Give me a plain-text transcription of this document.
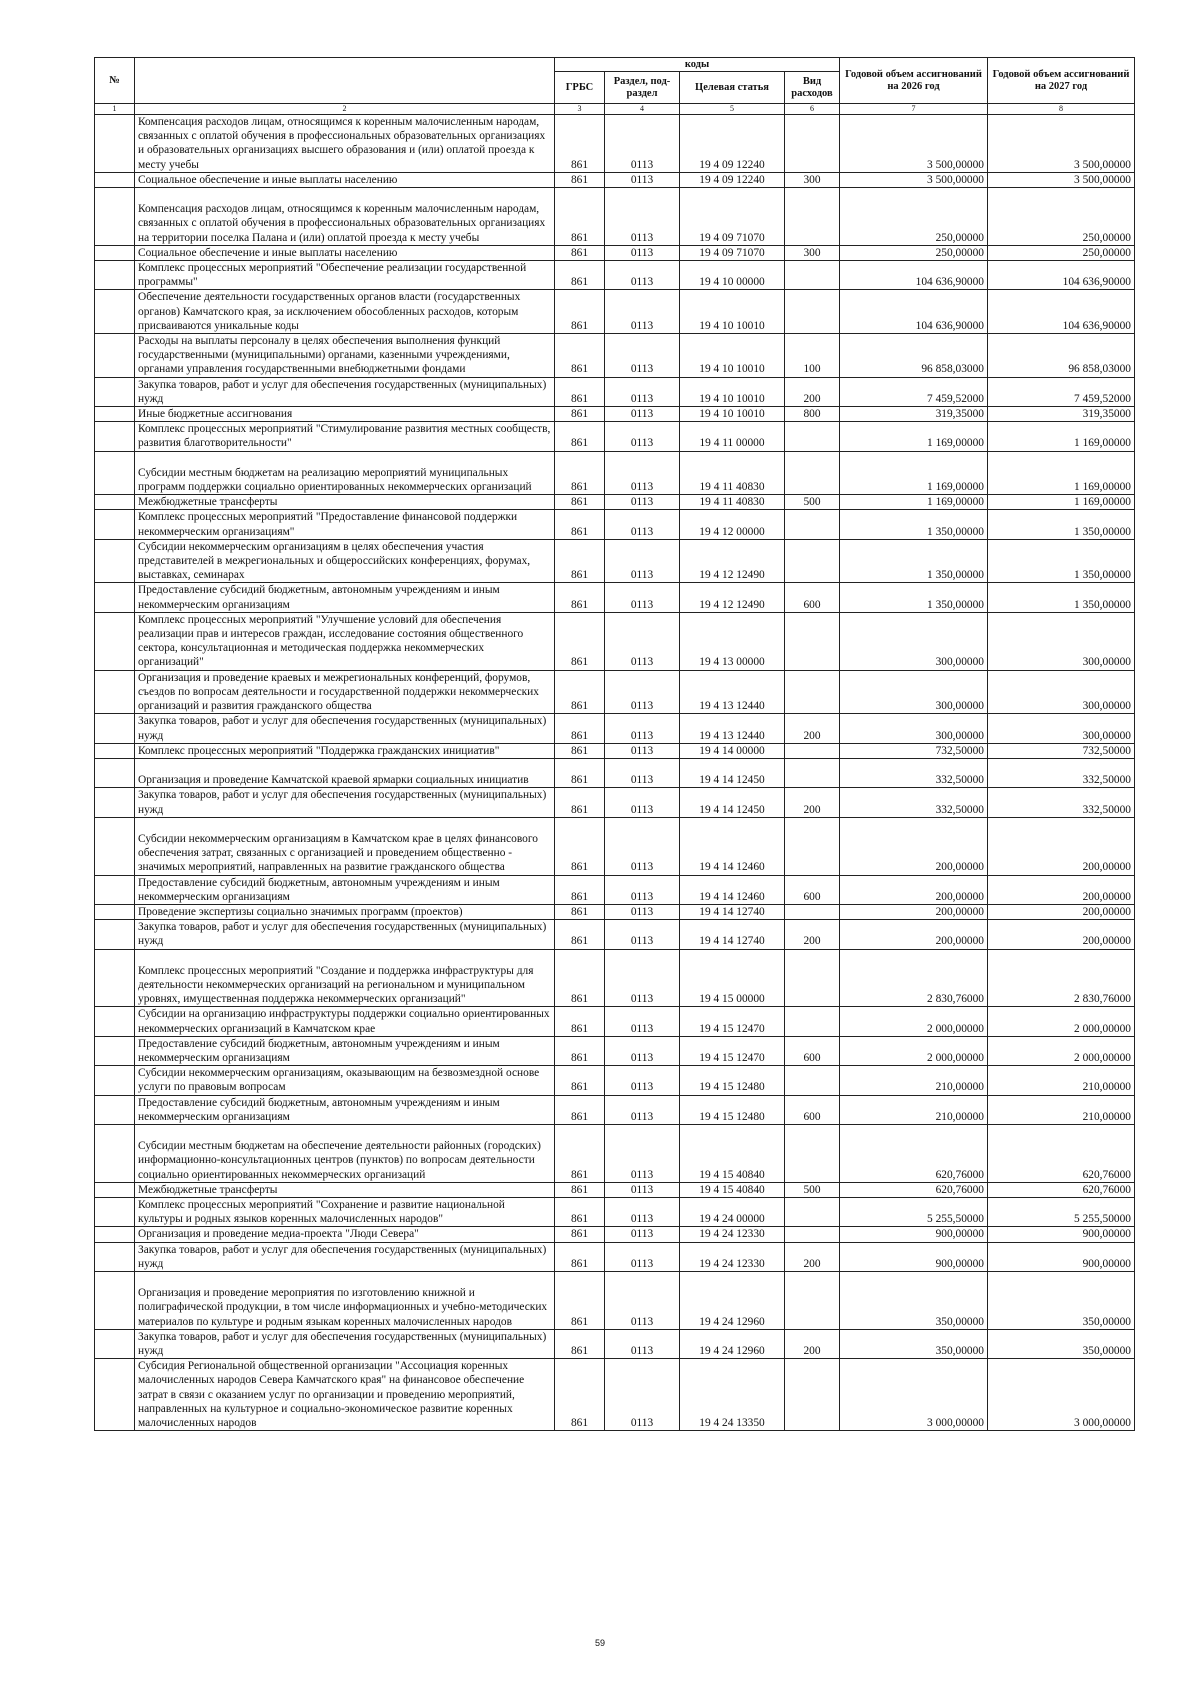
№		коды				Годовой объем ассигнований на 2026 год	Годовой объем ассигнований на 2027 год
		ГРБС	Раздел, под-раздел	Целевая статья	Вид расходов		
1	2	3	4	5	6	7	8
	Компенсация расходов лицам, относящимся к коренным малочисленным народам, связанных с оплатой обучения в профессиональных образовательных организациях и образовательных организациях высшего образования и (или) оплатой проезда к месту учебы	861	0113	19 4 09 12240		3 500,00000	3 500,00000
	Социальное обеспечение и иные выплаты населению	861	0113	19 4 09 12240	300	3 500,00000	3 500,00000
	Компенсация расходов лицам, относящимся к коренным малочисленным народам, связанных с оплатой обучения в профессиональных образовательных организациях на территории поселка Палана и (или) оплатой проезда к месту учебы	861	0113	19 4 09 71070		250,00000	250,00000
	Социальное обеспечение и иные выплаты населению	861	0113	19 4 09 71070	300	250,00000	250,00000
	Комплекс процессных мероприятий "Обеспечение реализации государственной программы"	861	0113	19 4 10 00000		104 636,90000	104 636,90000
	Обеспечение деятельности государственных органов власти (государственных органов) Камчатского края, за исключением обособленных расходов, которым присваиваются уникальные коды	861	0113	19 4 10 10010		104 636,90000	104 636,90000
	Расходы на выплаты персоналу в целях обеспечения выполнения функций государственными (муниципальными) органами, казенными учреждениями, органами управления государственными внебюджетными фондами	861	0113	19 4 10 10010	100	96 858,03000	96 858,03000
	Закупка товаров, работ и услуг для обеспечения государственных (муниципальных) нужд	861	0113	19 4 10 10010	200	7 459,52000	7 459,52000
	Иные бюджетные ассигнования	861	0113	19 4 10 10010	800	319,35000	319,35000
	Комплекс процессных мероприятий "Стимулирование развития местных сообществ, развития благотворительности"	861	0113	19 4 11 00000		1 169,00000	1 169,00000
	Субсидии местным бюджетам на реализацию мероприятий муниципальных программ поддержки социально ориентированных некоммерческих организаций	861	0113	19 4 11 40830		1 169,00000	1 169,00000
	Межбюджетные трансферты	861	0113	19 4 11 40830	500	1 169,00000	1 169,00000
	Комплекс процессных мероприятий "Предоставление финансовой поддержки некоммерческим организациям"	861	0113	19 4 12 00000		1 350,00000	1 350,00000
	Субсидии некоммерческим организациям в целях обеспечения участия представителей в межрегиональных и общероссийских конференциях, форумах, выставках, семинарах	861	0113	19 4 12 12490		1 350,00000	1 350,00000
	Предоставление субсидий бюджетным, автономным учреждениям и иным некоммерческим организациям	861	0113	19 4 12 12490	600	1 350,00000	1 350,00000
	Комплекс процессных мероприятий "Улучшение условий для обеспечения реализации прав и интересов граждан, исследование состояния общественного сектора, консультационная и методическая поддержка некоммерческих организаций"	861	0113	19 4 13 00000		300,00000	300,00000
	Организация и проведение краевых и межрегиональных конференций, форумов, съездов по вопросам деятельности и государственной поддержки некоммерческих организаций и развития гражданского общества	861	0113	19 4 13 12440		300,00000	300,00000
	Закупка товаров, работ и услуг для обеспечения государственных (муниципальных) нужд	861	0113	19 4 13 12440	200	300,00000	300,00000
	Комплекс процессных мероприятий "Поддержка гражданских инициатив"	861	0113	19 4 14 00000		732,50000	732,50000
	Организация и проведение Камчатской краевой ярмарки социальных инициатив	861	0113	19 4 14 12450		332,50000	332,50000
	Закупка товаров, работ и услуг для обеспечения государственных (муниципальных) нужд	861	0113	19 4 14 12450	200	332,50000	332,50000
	Субсидии некоммерческим организациям в Камчатском крае в целях финансового обеспечения затрат, связанных с организацией и проведением общественно - значимых мероприятий, направленных на развитие гражданского общества	861	0113	19 4 14 12460		200,00000	200,00000
	Предоставление субсидий бюджетным, автономным учреждениям и иным некоммерческим организациям	861	0113	19 4 14 12460	600	200,00000	200,00000
	Проведение экспертизы социально значимых программ (проектов)	861	0113	19 4 14 12740		200,00000	200,00000
	Закупка товаров, работ и услуг для обеспечения государственных (муниципальных) нужд	861	0113	19 4 14 12740	200	200,00000	200,00000
	Комплекс процессных мероприятий "Создание и поддержка инфраструктуры для деятельности некоммерческих организаций на региональном и муниципальном уровнях, имущественная поддержка некоммерческих организаций"	861	0113	19 4 15 00000		2 830,76000	2 830,76000
	Субсидии на организацию инфраструктуры поддержки социально ориентированных некоммерческих организаций в Камчатском крае	861	0113	19 4 15 12470		2 000,00000	2 000,00000
	Предоставление субсидий бюджетным, автономным учреждениям и иным некоммерческим организациям	861	0113	19 4 15 12470	600	2 000,00000	2 000,00000
	Субсидии некоммерческим организациям, оказывающим на безвозмездной основе услуги по правовым вопросам	861	0113	19 4 15 12480		210,00000	210,00000
	Предоставление субсидий бюджетным, автономным учреждениям и иным некоммерческим организациям	861	0113	19 4 15 12480	600	210,00000	210,00000
	Субсидии местным бюджетам на обеспечение деятельности районных (городских) информационно-консультационных центров (пунктов) по вопросам деятельности социально ориентированных некоммерческих организаций	861	0113	19 4 15 40840		620,76000	620,76000
	Межбюджетные трансферты	861	0113	19 4 15 40840	500	620,76000	620,76000
	Комплекс процессных мероприятий "Сохранение и развитие национальной культуры и родных языков коренных малочисленных народов"	861	0113	19 4 24 00000		5 255,50000	5 255,50000
	Организация и проведение медиа-проекта "Люди Севера"	861	0113	19 4 24 12330		900,00000	900,00000
	Закупка товаров, работ и услуг для обеспечения государственных (муниципальных) нужд	861	0113	19 4 24 12330	200	900,00000	900,00000
	Организация и проведение мероприятия по изготовлению книжной и полиграфической продукции, в том числе информационных и учебно-методических материалов по культуре и родным языкам коренных малочисленных народов	861	0113	19 4 24 12960		350,00000	350,00000
	Закупка товаров, работ и услуг для обеспечения государственных (муниципальных) нужд	861	0113	19 4 24 12960	200	350,00000	350,00000
	Субсидия Региональной общественной организации "Ассоциация коренных малочисленных народов Севера Камчатского края" на финансовое обеспечение затрат в связи с оказанием услуг по организации и проведению мероприятий, направленных на культурное и социально-экономическое развитие коренных малочисленных народов	861	0113	19 4 24 13350		3 000,00000	3 000,00000
59
